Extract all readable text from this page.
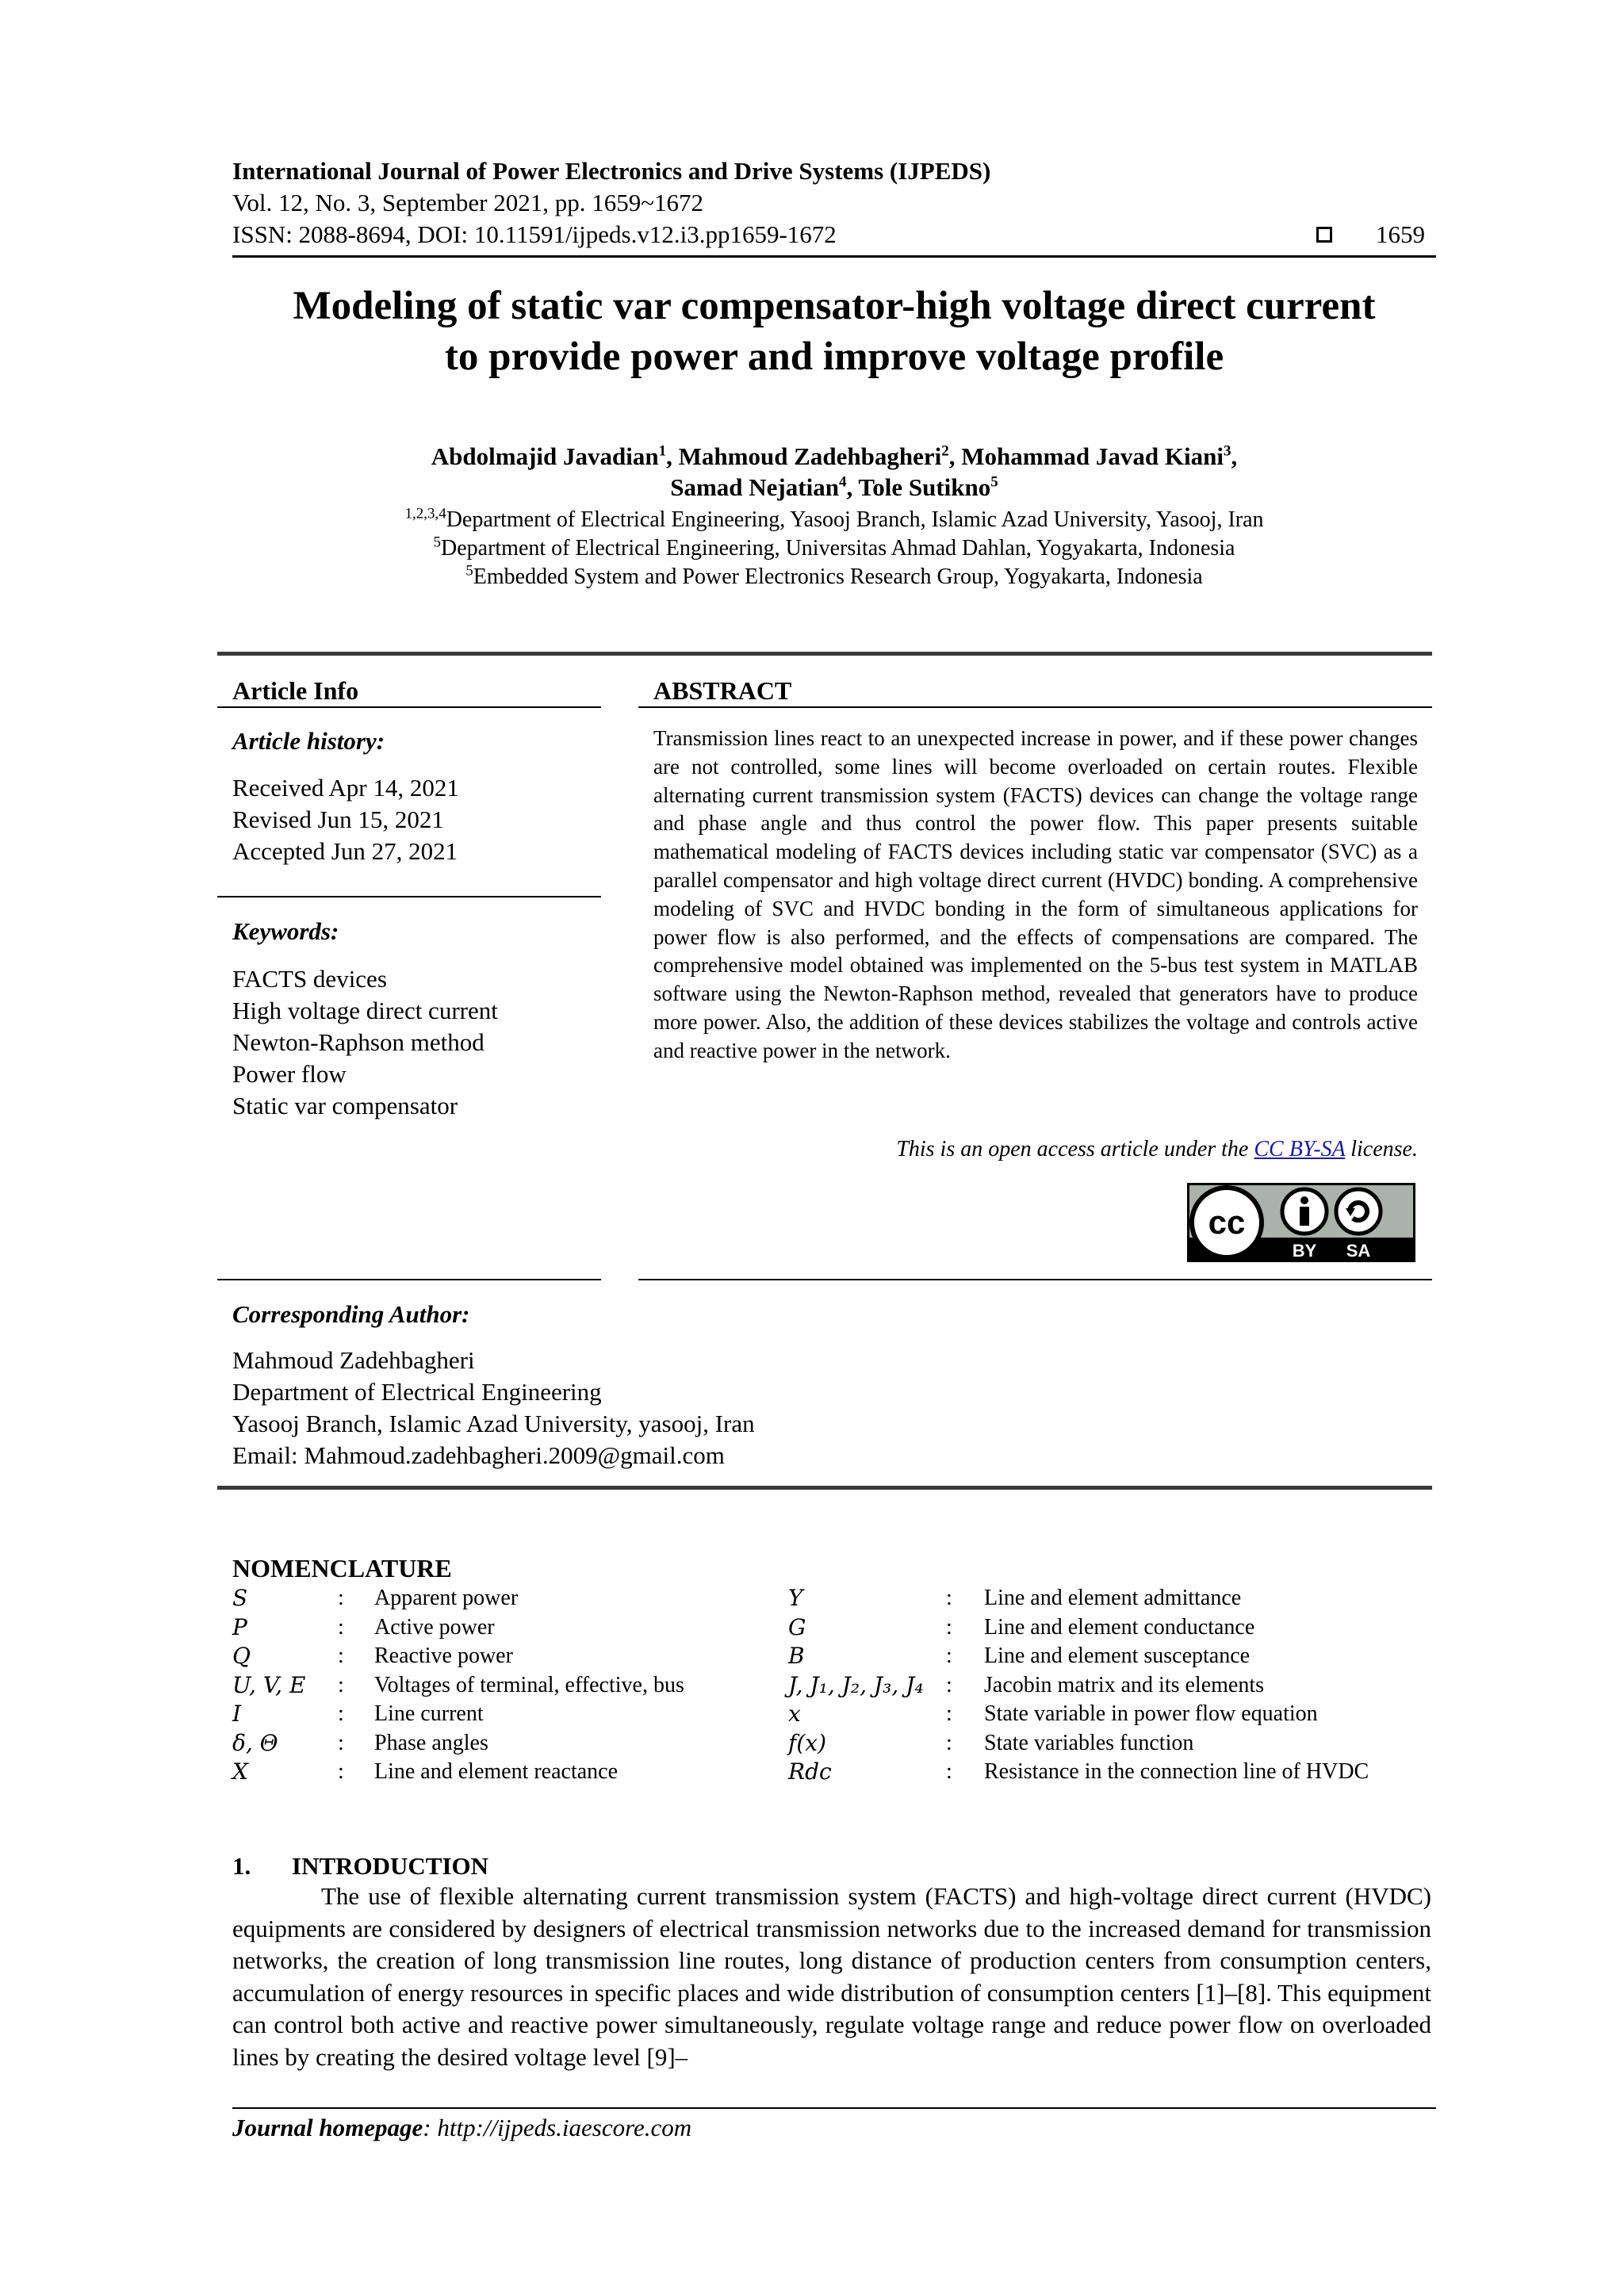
International Journal of Power Electronics and Drive Systems (IJPEDS)
Vol. 12, No. 3, September 2021, pp. 1659~1672
ISSN: 2088-8694, DOI: 10.11591/ijpeds.v12.i3.pp1659-1672	1659
Modeling of static var compensator-high voltage direct current
to provide power and improve voltage profile
Abdolmajid Javadian$^1$, Mahmoud Zadehbagheri$^2$, Mohammad Javad Kiani$^3$,
Samad Nejatian$^4$, Tole Sutikno$^5$
$^{1,2,3,4}$Department of Electrical Engineering, Yasooj Branch, Islamic Azad University, Yasooj, Iran
$^5$Department of Electrical Engineering, Universitas Ahmad Dahlan, Yogyakarta, Indonesia
$^5$Embedded System and Power Electronics Research Group, Yogyakarta, Indonesia
Article Info
Article history:
Received Apr 14, 2021
Revised Jun 15, 2021
Accepted Jun 27, 2021
Keywords:
FACTS devices
High voltage direct current
Newton-Raphson method
Power flow
Static var compensator
ABSTRACT

Transmission lines react to an unexpected increase in power, and if these power changes are not controlled, some lines will become overloaded on certain routes. Flexible alternating current transmission system (FACTS) devices can change the voltage range and phase angle and thus control the power flow. This paper presents suitable mathematical modeling of FACTS devices including static var compensator (SVC) as a parallel compensator and high voltage direct current (HVDC) bonding. A comprehensive modeling of SVC and HVDC bonding in the form of simultaneous applications for power flow is also performed, and the effects of compensations are compared. The comprehensive model obtained was implemented on the 5-bus test system in MATLAB software using the Newton-Raphson method, revealed that generators have to produce more power. Also, the addition of these devices stabilizes the voltage and controls active and reactive power in the network.

This is an open access article under the CC BY-SA license.
cc
BY SA
Corresponding Author:
Mahmoud Zadehbagheri
Department of Electrical Engineering
Yasooj Branch, Islamic Azad University, yasooj, Iran
Email: Mahmoud.zadehbagheri.2009@gmail.com
NOMENCLATURE
S	: Apparent power
P	: Active power
Q	: Reactive power
U, V, E : Voltages of terminal, effective, bus
I	: Line current
δ, Θ	: Phase angles
X	: Line and element reactance
Y	: Line and element admittance
G	: Line and element conductance
B	: Line and element susceptance
J, J₁, J₂, J₃, J₄ : Jacobin matrix and its elements
x	: State variable in power flow equation
f(x)	: State variables function
Rdc	: Resistance in the connection line of HVDC
1. INTRODUCTION

The use of flexible alternating current transmission system (FACTS) and high-voltage direct current (HVDC) equipments are considered by designers of electrical transmission networks due to the increased demand for transmission networks, the creation of long transmission line routes, long distance of production centers from consumption centers, accumulation of energy resources in specific places and wide distribution of consumption centers [1]–[8]. This equipment can control both active and reactive power simultaneously, regulate voltage range and reduce power flow on overloaded lines by creating the desired voltage level [9]–

Journal homepage: http://ijpeds.iaescore.com
